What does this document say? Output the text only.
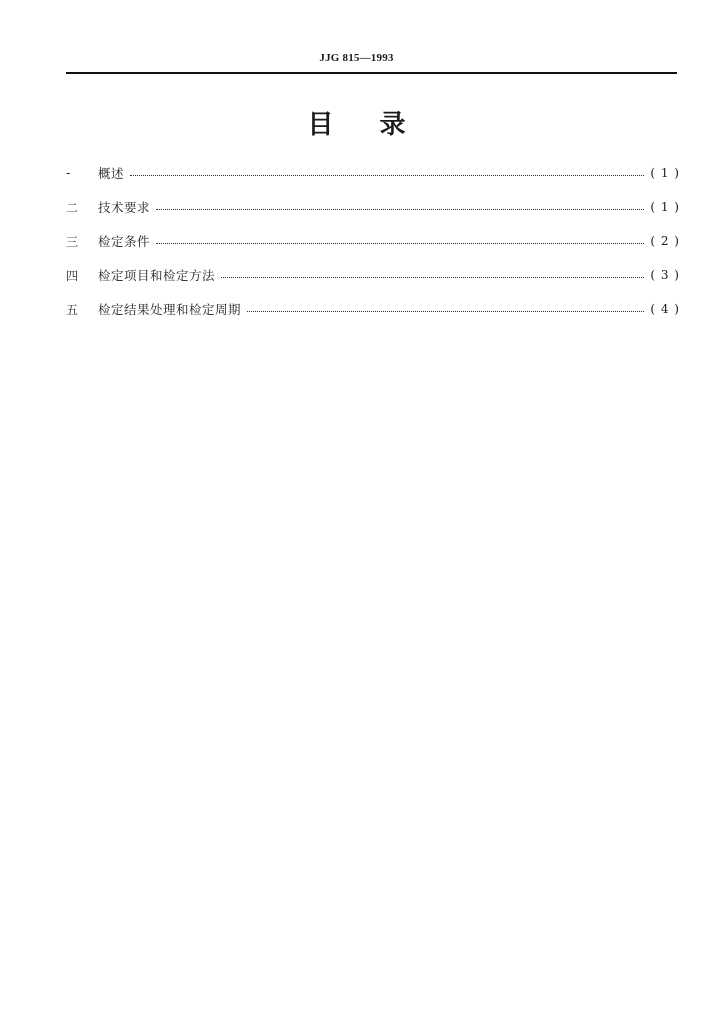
JJG 815—1993
目 录
-	概述	( 1 )
二	技术要求	( 1 )
三	检定条件	( 2 )
四	检定项目和检定方法	( 3 )
五	检定结果处理和检定周期	( 4 )
